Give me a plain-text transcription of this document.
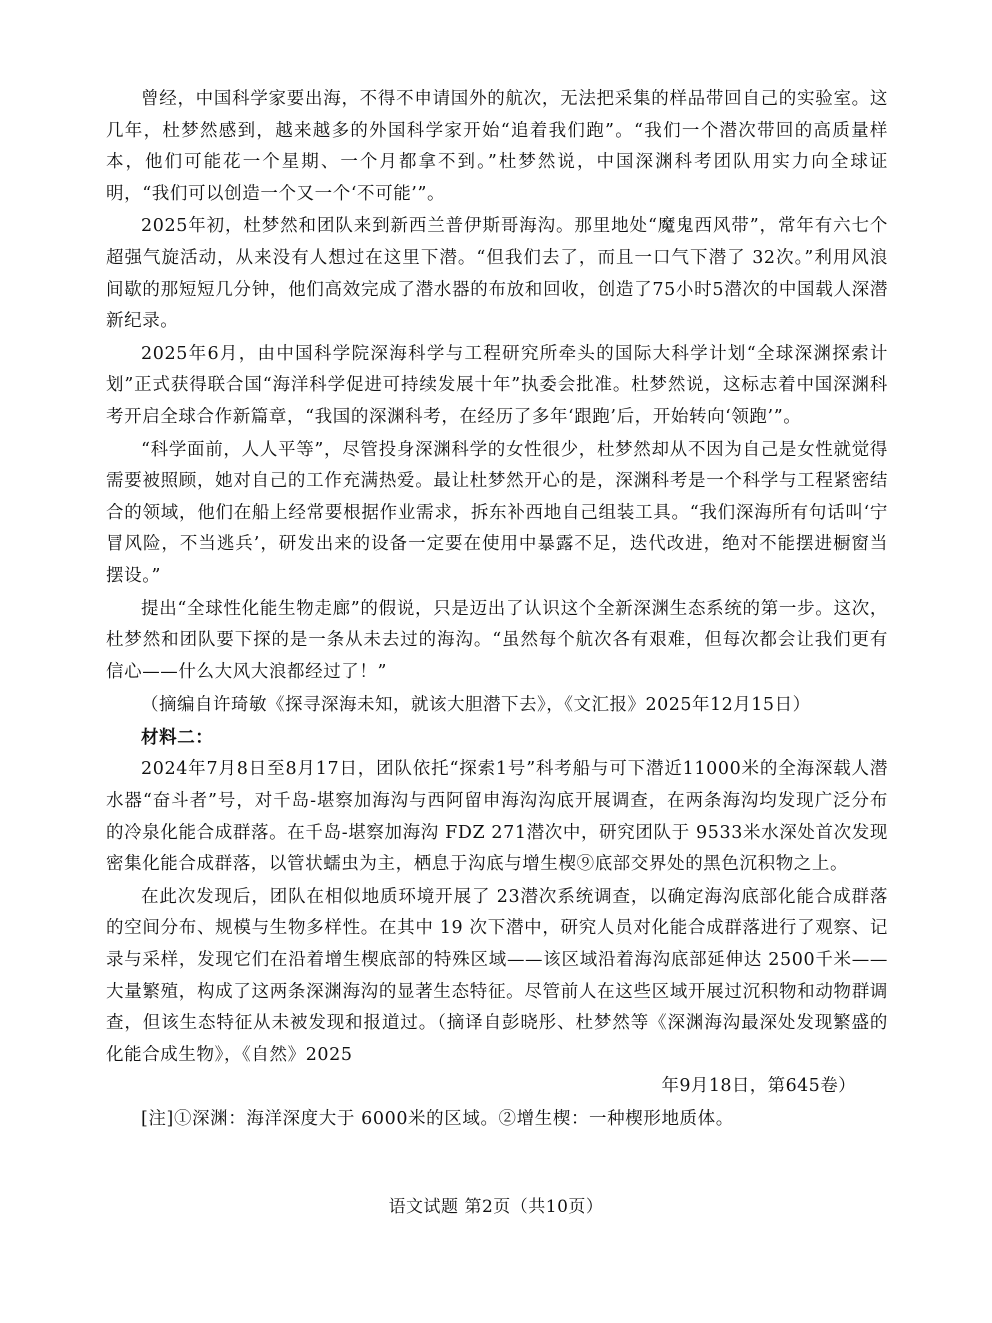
曾经，中国科学家要出海，不得不申请国外的航次，无法把采集的样品带回自己的实验室。这几年，杜梦然感到，越来越多的外国科学家开始“追着我们跑”。“我们一个潜次带回的高质量样本，他们可能花一个星期、一个月都拿不到。”杜梦然说，中国深渊科考团队用实力向全球证明，“我们可以创造一个又一个‘不可能’”。

2025年初，杜梦然和团队来到新西兰普伊斯哥海沟。那里地处“魔鬼西风带”，常年有六七个超强气旋活动，从来没有人想过在这里下潜。“但我们去了，而且一口气下潜了 32次。”利用风浪间歇的那短短几分钟，他们高效完成了潜水器的布放和回收，创造了75小时5潜次的中国载人深潜新纪录。

2025年6月，由中国科学院深海科学与工程研究所牵头的国际大科学计划“全球深渊探索计划”正式获得联合国“海洋科学促进可持续发展十年”执委会批准。杜梦然说，这标志着中国深渊科考开启全球合作新篇章，“我国的深渊科考，在经历了多年‘跟跑’后，开始转向‘领跑’”。

“科学面前，人人平等”，尽管投身深渊科学的女性很少，杜梦然却从不因为自己是女性就觉得需要被照顾，她对自己的工作充满热爱。最让杜梦然开心的是，深渊科考是一个科学与工程紧密结合的领域，他们在船上经常要根据作业需求，拆东补西地自己组装工具。“我们深海所有句话叫‘宁冒风险，不当逃兵’，研发出来的设备一定要在使用中暴露不足，迭代改进，绝对不能摆进橱窗当摆设。”

提出“全球性化能生物走廊”的假说，只是迈出了认识这个全新深渊生态系统的第一步。这次，杜梦然和团队要下探的是一条从未去过的海沟。“虽然每个航次各有艰难，但每次都会让我们更有信心——什么大风大浪都经过了！”

（摘编自许琦敏《探寻深海未知，就该大胆潜下去》，《文汇报》2025年12月15日）

材料二：

2024年7月8日至8月17日，团队依托“探索1号”科考船与可下潜近11000米的全海深载人潜水器“奋斗者”号，对千岛-堪察加海沟与西阿留申海沟沟底开展调查，在两条海沟均发现广泛分布的冷泉化能合成群落。在千岛-堪察加海沟 FDZ 271潜次中，研究团队于 9533米水深处首次发现密集化能合成群落，以管状蠕虫为主，栖息于沟底与增生楔⑨底部交界处的黑色沉积物之上。

在此次发现后，团队在相似地质环境开展了 23潜次系统调查，以确定海沟底部化能合成群落的空间分布、规模与生物多样性。在其中 19 次下潜中，研究人员对化能合成群落进行了观察、记录与采样，发现它们在沿着增生楔底部的特殊区域——该区域沿着海沟底部延伸达 2500千米——大量繁殖，构成了这两条深渊海沟的显著生态特征。尽管前人在这些区域开展过沉积物和动物群调查，但该生态特征从未被发现和报道过。（摘译自彭晓彤、杜梦然等《深渊海沟最深处发现繁盛的化能合成生物》，《自然》2025

年9月18日，第645卷）

[注]①深渊：海洋深度大于 6000米的区域。②增生楔：一种楔形地质体。

语文试题 第2页（共10页）
